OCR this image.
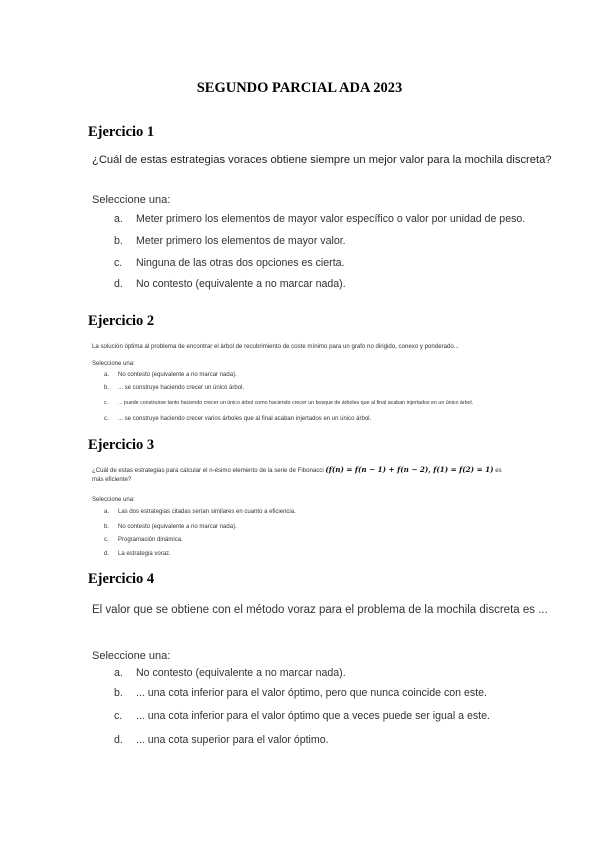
SEGUNDO PARCIAL ADA 2023
Ejercicio 1
¿Cuál de estas estrategias voraces obtiene siempre un mejor valor para la mochila discreta?
Seleccione una:
a. Meter primero los elementos de mayor valor específico o valor por unidad de peso.
b. Meter primero los elementos de mayor valor.
c. Ninguna de las otras dos opciones es cierta.
d. No contesto (equivalente a no marcar nada).
Ejercicio 2
La solución óptima al problema de encontrar el árbol de recubrimiento de coste mínimo para un grafo no dirigido, conexo y ponderado...
Seleccione una:
a. No contesto (equivalente a no marcar nada).
b. ... se construye haciendo crecer un único árbol.
c. ... puede construirse tanto haciendo crecer un único árbol como haciendo crecer un bosque de árboles que al final acaban injertados en un único árbol.
c. ... se construye haciendo crecer varios árboles que al final acaban injertados en un único árbol.
Ejercicio 3
¿Cuál de estas estrategias para calcular el n-ésimo elemento de la serie de Fibonacci (f(n) = f(n − 1) + f(n − 2), f(1) = f(2) = 1) es más eficiente?
Seleccione una:
a. Las dos estrategias citadas serían similares en cuanto a eficiencia.
b. No contesto (equivalente a no marcar nada).
c. Programación dinámica.
d. La estrategia voraz.
Ejercicio 4
El valor que se obtiene con el método voraz para el problema de la mochila discreta es ...
Seleccione una:
a. No contesto (equivalente a no marcar nada).
b. ... una cota inferior para el valor óptimo, pero que nunca coincide con este.
c. ... una cota inferior para el valor óptimo que a veces puede ser igual a este.
d. ... una cota superior para el valor óptimo.
